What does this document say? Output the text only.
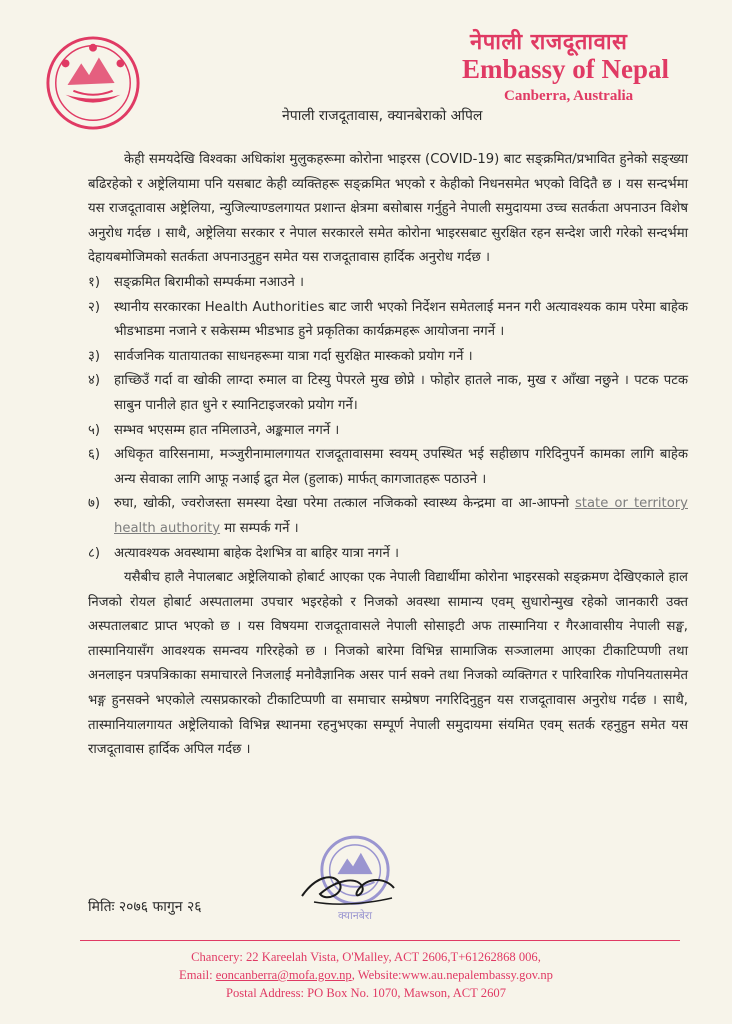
नेपाली राजदूतावास
Embassy of Nepal
Canberra, Australia
नेपाली राजदूतावास, क्यानबेराको अपिल

केही समयदेखि विश्वका अधिकांश मुलुकहरूमा कोरोना भाइरस (COVID-19) बाट सङ्क्रमित/प्रभावित हुनेको सङ्ख्या बढिरहेको र अष्ट्रेलियामा पनि यसबाट केही व्यक्तिहरू सङ्क्रमित भएको र केहीको निधनसमेत भएको विदितै छ । यस सन्दर्भमा यस राजदूतावास अष्ट्रेलिया, न्युजिल्याण्डलगायत प्रशान्त क्षेत्रमा बसोबास गर्नुहुने नेपाली समुदायमा उच्च सतर्कता अपनाउन विशेष अनुरोध गर्दछ । साथै, अष्ट्रेलिया सरकार र नेपाल सरकारले समेत कोरोना भाइरसबाट सुरक्षित रहन सन्देश जारी गरेको सन्दर्भमा देहायबमोजिमको सतर्कता अपनाउनुहुन समेत यस राजदूतावास हार्दिक अनुरोध गर्दछ ।

१)	सङ्क्रमित बिरामीको सम्पर्कमा नआउने ।
२)	स्थानीय सरकारका Health Authorities बाट जारी भएको निर्देशन समेतलाई मनन गरी अत्यावश्यक काम परेमा बाहेक भीडभाडमा नजाने र सकेसम्म भीडभाड हुने प्रकृतिका कार्यक्रमहरू आयोजना नगर्ने ।
३)	सार्वजनिक यातायातका साधनहरूमा यात्रा गर्दा सुरक्षित मास्कको प्रयोग गर्ने ।
४)	हाच्छिउँ गर्दा वा खोकी लाग्दा रुमाल वा टिस्यु पेपरले मुख छोप्ने । फोहोर हातले नाक, मुख र आँखा नछुने । पटक पटक साबुन पानीले हात धुने र स्यानिटाइजरको प्रयोग गर्ने।
५)	सम्भव भएसम्म हात नमिलाउने, अङ्कमाल नगर्ने ।
६)	अधिकृत वारिसनामा, मञ्जुरीनामालगायत राजदूतावासमा स्वयम् उपस्थित भई सहीछाप गरिदिनुपर्ने कामका लागि बाहेक अन्य सेवाका लागि आफू नआई द्रुत मेल (हुलाक) मार्फत् कागजातहरू पठाउने ।
७)	रुघा, खोकी, ज्वरोजस्ता समस्या देखा परेमा तत्काल नजिकको स्वास्थ्य केन्द्रमा वा आ-आफ्नो state or territory health authority मा सम्पर्क गर्ने ।
८)	अत्यावश्यक अवस्थामा बाहेक देशभित्र वा बाहिर यात्रा नगर्ने ।

यसैबीच हालै नेपालबाट अष्ट्रेलियाको होबार्ट आएका एक नेपाली विद्यार्थीमा कोरोना भाइरसको सङ्क्रमण देखिएकाले हाल निजको रोयल होबार्ट अस्पतालमा उपचार भइरहेको र निजको अवस्था सामान्य एवम् सुधारोन्मुख रहेको जानकारी उक्त अस्पतालबाट प्राप्त भएको छ । यस विषयमा राजदूतावासले नेपाली सोसाइटी अफ तास्मानिया र गैरआवासीय नेपाली सङ्घ, तास्मानियासँग आवश्यक समन्वय गरिरहेको छ । निजको बारेमा विभिन्न सामाजिक सञ्जालमा आएका टीकाटिप्पणी तथा अनलाइन पत्रपत्रिकाका समाचारले निजलाई मनोवैज्ञानिक असर पार्न सक्ने तथा निजको व्यक्तिगत र पारिवारिक गोपनियतासमेत भङ्ग हुनसक्ने भएकोले त्यसप्रकारको टीकाटिप्पणी वा समाचार सम्प्रेषण नगरिदिनुहुन यस राजदूतावास अनुरोध गर्दछ । साथै, तास्मानियालगायत अष्ट्रेलियाको विभिन्न स्थानमा रहनुभएका सम्पूर्ण नेपाली समुदायमा संयमित एवम् सतर्क रहनुहुन समेत यस राजदूतावास हार्दिक अपिल गर्दछ ।

क्यानबेरा
मितिः २०७६ फागुन २६
Chancery: 22 Kareelah Vista, O'Malley, ACT 2606,T+61262868 006,
Email: eoncanberra@mofa.gov.np, Website:www.au.nepalembassy.gov.np
Postal Address: PO Box No. 1070, Mawson, ACT 2607
